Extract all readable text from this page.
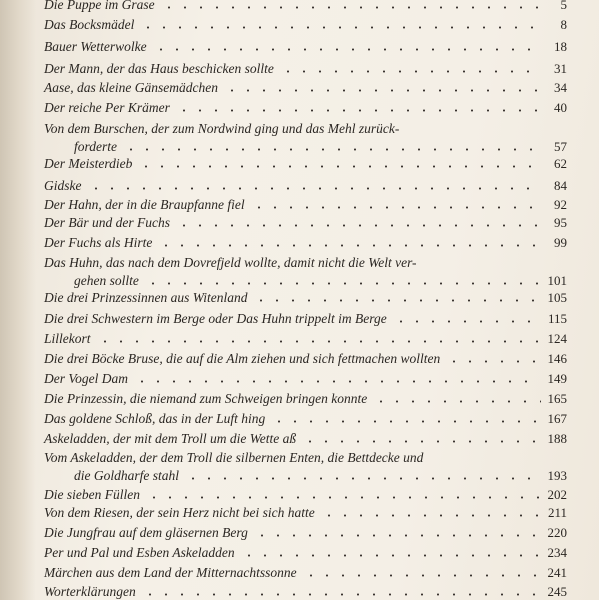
Die Puppe im Grase	5
Das Bocksmädel	8
Bauer Wetterwolke	18
Der Mann, der das Haus beschicken sollte	31
Aase, das kleine Gänsemädchen	34
Der reiche Per Krämer	40
Von dem Burschen, der zum Nordwind ging und das Mehl zurück-
forderte	57
Der Meisterdieb	62
Gidske	84
Der Hahn, der in die Braupfanne fiel	92
Der Bär und der Fuchs	95
Der Fuchs als Hirte	99
Das Huhn, das nach dem Dovrefjeld wollte, damit nicht die Welt ver-
gehen sollte	101
Die drei Prinzessinnen aus Witenland	105
Die drei Schwestern im Berge oder Das Huhn trippelt im Berge	115
Lillekort	124
Die drei Böcke Bruse, die auf die Alm ziehen und sich fettmachen wollten	146
Der Vogel Dam	149
Die Prinzessin, die niemand zum Schweigen bringen konnte	165
Das goldene Schloß, das in der Luft hing	167
Askeladden, der mit dem Troll um die Wette aß	188
Vom Askeladden, der dem Troll die silbernen Enten, die Bettdecke und
die Goldharfe stahl	193
Die sieben Füllen	202
Von dem Riesen, der sein Herz nicht bei sich hatte	211
Die Jungfrau auf dem gläsernen Berg	220
Per und Pal und Esben Askeladden	234
Märchen aus dem Land der Mitternachtssonne	241
Worterklärungen	245
